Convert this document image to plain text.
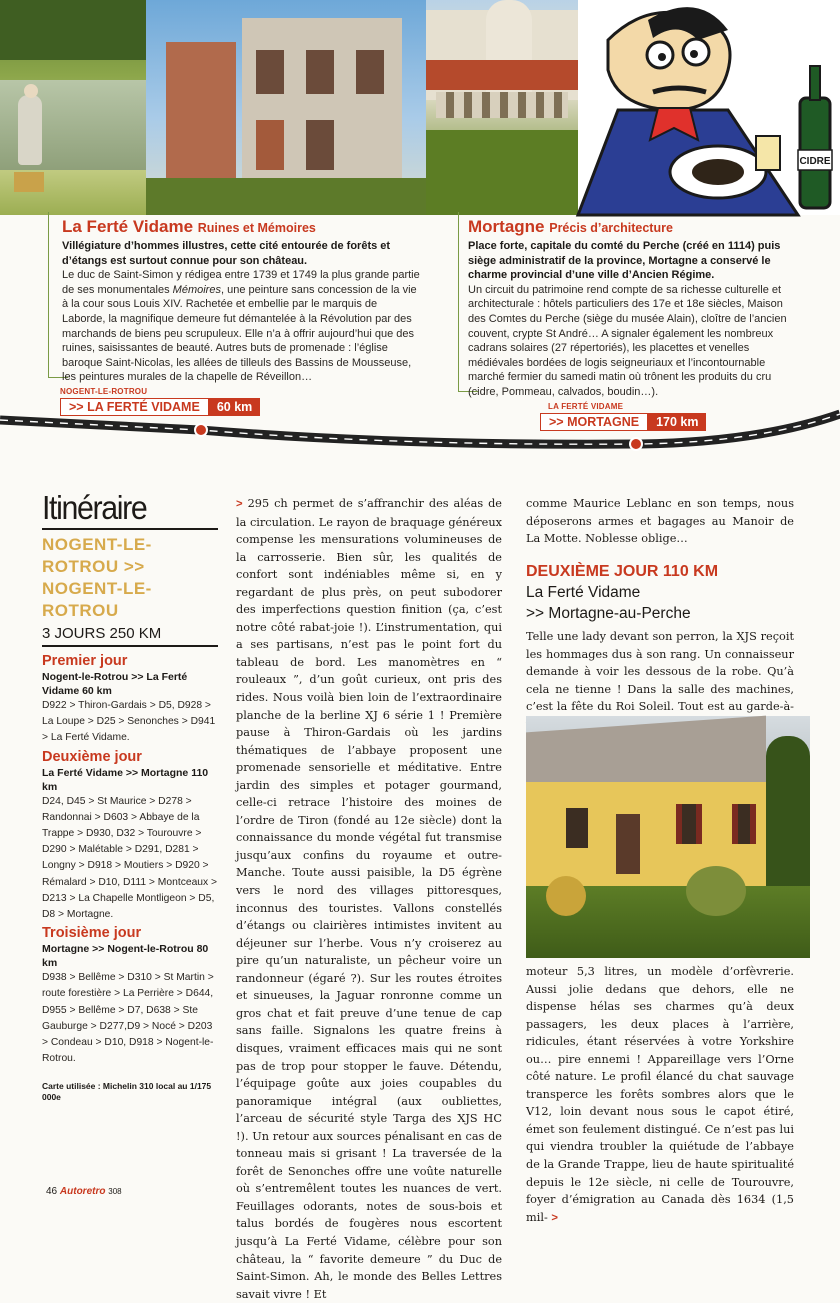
CIDRE
La Ferté Vidame Ruines et Mémoires
Villégiature d’hommes illustres, cette cité entourée de forêts et d’étangs est surtout connue pour son château.
Le duc de Saint-Simon y rédigea entre 1739 et 1749 la plus grande partie de ses monumentales Mémoires, une peinture sans concession de la vie à la cour sous Louis XIV. Rachetée et embellie par le marquis de Laborde, la magnifique demeure fut démantelée à la Révolution par des marchands de biens peu scrupuleux. Elle n’a à offrir aujourd’hui que des ruines, saisissantes de beauté. Autres buts de promenade : l’église baroque Saint-Nicolas, les allées de tilleuls des Bassins de Mousseuse, les peintures murales de la chapelle de Réveillon…
Mortagne Précis d’architecture
Place forte, capitale du comté du Perche (créé en 1114) puis siège administratif de la province, Mortagne a conservé le charme provincial d’une ville d’Ancien Régime.
Un circuit du patrimoine rend compte de sa richesse culturelle et architecturale : hôtels particuliers des 17e et 18e siècles, Maison des Comtes du Perche (siège du musée Alain), cloître de l’ancien couvent, crypte St André… A signaler également les nombreux cadrans solaires (27 répertoriés), les placettes et venelles médiévales bordées de logis seigneuriaux et l’incontournable marché fermier du samedi matin où trônent les produits du cru (cidre, Pommeau, calvados, boudin…).
NOGENT-LE-ROTROU
>> LA FERTÉ VIDAME	60 km	LA FERTÉ VIDAME
>> MORTAGNE	170 km
Itinéraire
NOGENT-LE-
ROTROU >>
NOGENT-LE-
ROTROU
3 JOURS 250 KM
Premier jour
Nogent-le-Rotrou >> La Ferté Vidame 60 km
D922 > Thiron-Gardais > D5, D928 > La Loupe > D25 > Senonches > D941 > La Ferté Vidame.
Deuxième jour
La Ferté Vidame >> Mortagne 110 km
D24, D45 > St Maurice > D278 > Randonnai > D603 > Abbaye de la Trappe > D930, D32 > Tourouvre > D290 > Malétable > D291, D281 > Longny > D918 > Moutiers > D920 > Rémalard > D10, D111 > Montceaux > D213 > La Chapelle Montligeon > D5, D8 > Mortagne.
Troisième jour
Mortagne >> Nogent-le-Rotrou 80 km
D938 > Bellême > D310 > St Martin > route forestière > La Perrière > D644, D955 > Bellême > D7, D638 > Ste Gauburge > D277,D9 > Nocé > D203 > Condeau > D10, D918 > Nogent-le-Rotrou.
Carte utilisée : Michelin 310 local au 1/175 000e
> 295 ch permet de s’affranchir des aléas de la circulation. Le rayon de braquage généreux compense les mensurations volumineuses de la carrosserie. Bien sûr, les qualités de confort sont indéniables même si, en y regardant de plus près, on peut subodorer des imperfections question finition (ça, c’est notre côté rabat-joie !). L’instrumentation, qui a ses partisans, n’est pas le point fort du tableau de bord. Les manomètres en “ rouleaux ”, d’un goût curieux, ont pris des rides. Nous voilà bien loin de l’extraordinaire planche de la berline XJ 6 série 1 ! Première pause à Thiron-Gardais où les jardins thématiques de l’abbaye proposent une promenade sensorielle et méditative. Entre jardin des simples et potager gourmand, celle-ci retrace l’histoire des moines de l’ordre de Tiron (fondé au 12e siècle) dont la connaissance du monde végétal fut transmise jusqu’aux confins du royaume et outre-Manche. Toute aussi paisible, la D5 égrène vers le nord des villages pittoresques, inconnus des touristes. Vallons constellés d’étangs ou clairières intimistes invitent au déjeuner sur l’herbe. Vous n’y croiserez au pire qu’un naturaliste, un pêcheur voire un randonneur (égaré ?). Sur les routes étroites et sinueuses, la Jaguar ronronne comme un gros chat et fait preuve d’une tenue de cap sans faille. Signalons les quatre freins à disques, vraiment efficaces mais qui ne sont pas de trop pour stopper le fauve. Détendu, l’équipage goûte aux joies coupables du panoramique intégral (aux oubliettes, l’arceau de sécurité style Targa des XJS HC !). Un retour aux sources pénalisant en cas de tonneau mais si grisant ! La traversée de la forêt de Senonches offre une voûte naturelle où s’entremêlent toutes les nuances de vert. Feuillages odorants, notes de sous-bois et talus bordés de fougères nous escortent jusqu’à La Ferté Vidame, célèbre pour son château, la “ favorite demeure ” du Duc de Saint-Simon. Ah, le monde des Belles Lettres savait vivre ! Et
comme Maurice Leblanc en son temps, nous déposerons armes et bagages au Manoir de La Motte. Noblesse oblige…
DEUXIÈME JOUR 110 KM
La Ferté Vidame
>> Mortagne-au-Perche
Telle une lady devant son perron, la XJS reçoit les hommages dus à son rang. Un connaisseur demande à voir les dessous de la robe. Qu’à cela ne tienne ! Dans la salle des machines, c’est la fête du Roi Soleil. Tout est au garde-à-
moteur 5,3 litres, un modèle d’orfèvrerie. Aussi jolie dedans que dehors, elle ne dispense hélas ses charmes qu’à deux passagers, les deux places à l’arrière, ridicules, étant réservées à votre Yorkshire ou… pire ennemi ! Appareillage vers l’Orne côté nature. Le profil élancé du chat sauvage transperce les forêts sombres alors que le V12, loin devant nous sous le capot étiré, émet son feulement distingué. Ce n’est pas lui qui viendra troubler la quiétude de l’abbaye de la Grande Trappe, lieu de haute spiritualité depuis le 12e siècle, ni celle de Tourouvre, foyer d’émigration au Canada dès 1634 (1,5 mil- >
46 Autoretro 308
